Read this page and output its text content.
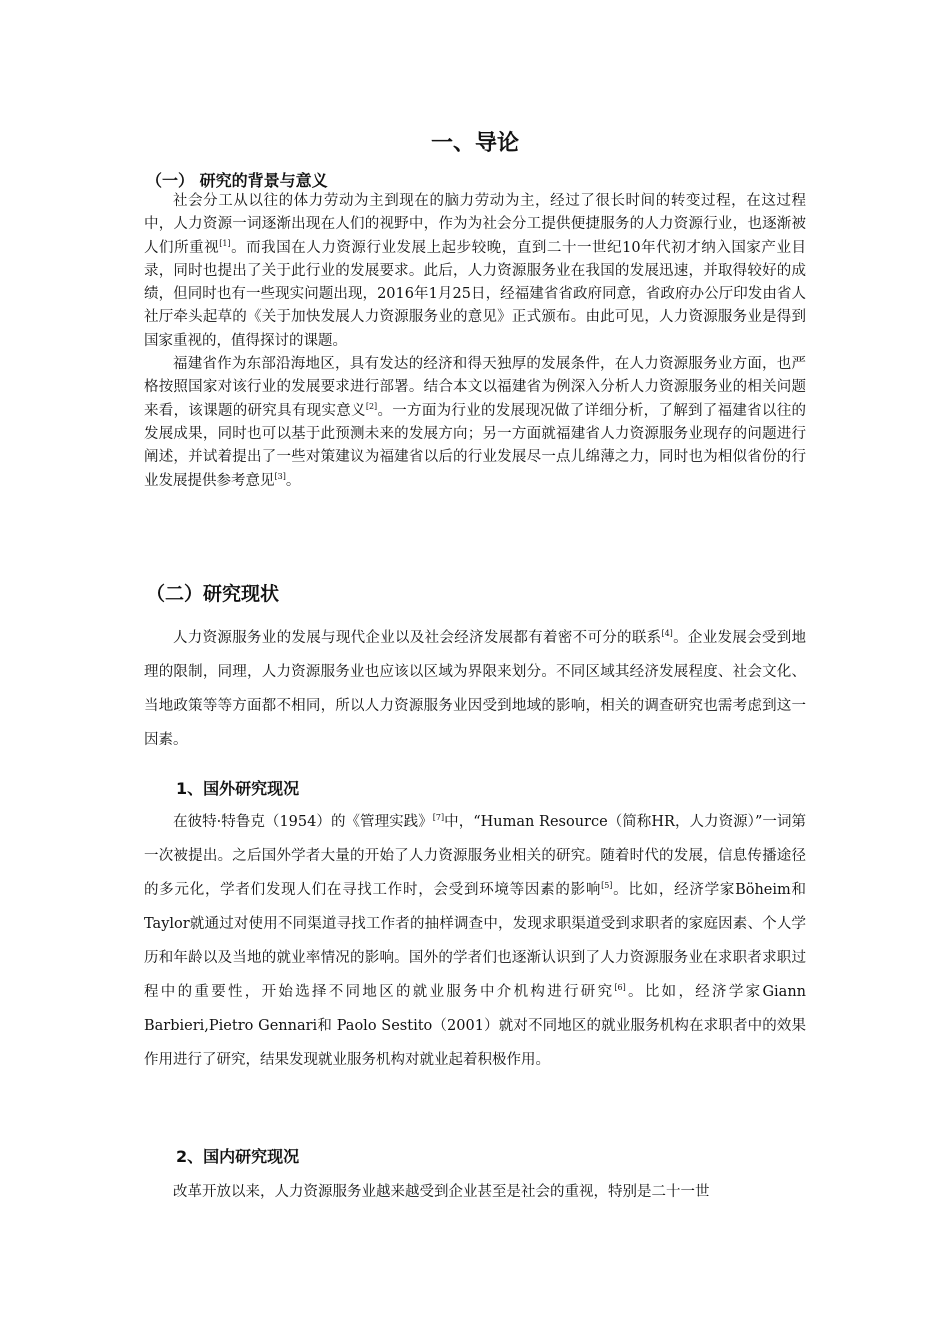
一、导论
（一） 研究的背景与意义

社会分工从以往的体力劳动为主到现在的脑力劳动为主，经过了很长时间的转变过程，在这过程中，人力资源一词逐渐出现在人们的视野中，作为为社会分工提供便捷服务的人力资源行业，也逐渐被人们所重视[1]。而我国在人力资源行业发展上起步较晚，直到二十一世纪10年代初才纳入国家产业目录，同时也提出了关于此行业的发展要求。此后，人力资源服务业在我国的发展迅速，并取得较好的成绩，但同时也有一些现实问题出现，2016年1月25日，经福建省省政府同意，省政府办公厅印发由省人社厅牵头起草的《关于加快发展人力资源服务业的意见》正式颁布。由此可见，人力资源服务业是得到国家重视的，值得探讨的课题。

福建省作为东部沿海地区，具有发达的经济和得天独厚的发展条件，在人力资源服务业方面，也严格按照国家对该行业的发展要求进行部署。结合本文以福建省为例深入分析人力资源服务业的相关问题来看，该课题的研究具有现实意义[2]。一方面为行业的发展现况做了详细分析，了解到了福建省以往的发展成果，同时也可以基于此预测未来的发展方向；另一方面就福建省人力资源服务业现存的问题进行阐述，并试着提出了一些对策建议为福建省以后的行业发展尽一点儿绵薄之力，同时也为相似省份的行业发展提供参考意见[3]。

（二）研究现状

人力资源服务业的发展与现代企业以及社会经济发展都有着密不可分的联系[4]。企业发展会受到地理的限制，同理，人力资源服务业也应该以区域为界限来划分。不同区域其经济发展程度、社会文化、当地政策等等方面都不相同，所以人力资源服务业因受到地域的影响，相关的调查研究也需考虑到这一因素。

1、国外研究现况

在彼特·特鲁克（1954）的《管理实践》[7]中，“Human Resource（简称HR，人力资源）”一词第一次被提出。之后国外学者大量的开始了人力资源服务业相关的研究。随着时代的发展，信息传播途径的多元化，学者们发现人们在寻找工作时，会受到环境等因素的影响[5]。比如，经济学家Böheim和Taylor就通过对使用不同渠道寻找工作者的抽样调查中，发现求职渠道受到求职者的家庭因素、个人学历和年龄以及当地的就业率情况的影响。国外的学者们也逐渐认识到了人力资源服务业在求职者求职过程中的重要性，开始选择不同地区的就业服务中介机构进行研究[6]。比如，经济学家Giann Barbieri,Pietro Gennari和 Paolo Sestito（2001）就对不同地区的就业服务机构在求职者中的效果作用进行了研究，结果发现就业服务机构对就业起着积极作用。

2、国内研究现况

改革开放以来，人力资源服务业越来越受到企业甚至是社会的重视，特别是二十一世
